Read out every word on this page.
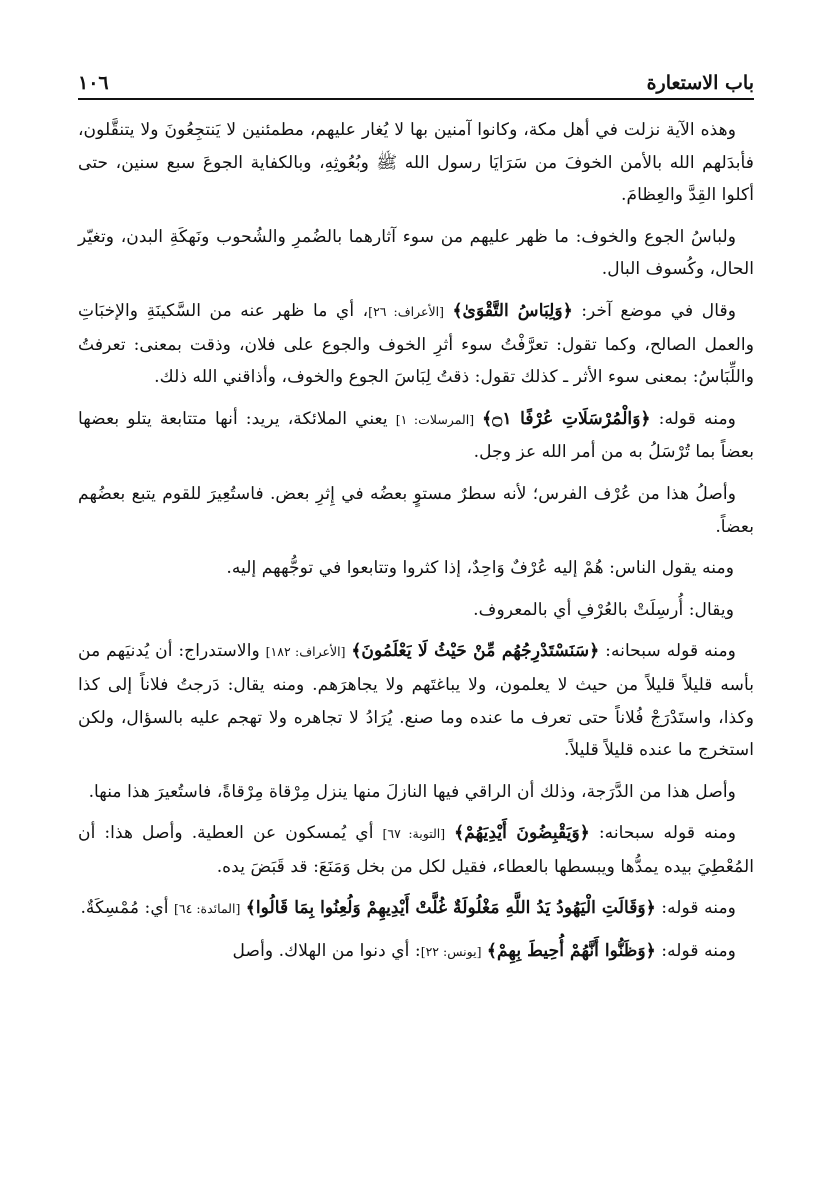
باب الاستعارة
١٠٦

وهذه الآية نزلت في أهل مكة، وكانوا آمنين بها لا يُغار عليهم، مطمئنين لا يَنتجِعُونَ ولا يتنقَّلون، فأبدَلهم الله بالأمن الخوفَ من سَرَايَا رسول الله ﷺ وبُعُوثِهِ، وبالكفاية الجوعَ سبع سنين، حتى أكلوا القِدَّ والعِظامَ.

ولباسُ الجوع والخوف: ما ظهر عليهم من سوء آثارهما بالضُمرِ والشُحوب ونَهكَةِ البدن، وتغيّر الحال، وكُسوف البال.

وقال في موضع آخر: ﴿وَلِبَاسُ التَّقْوَىٰ﴾ [الأعراف: ٢٦]، أي ما ظهر عنه من السَّكينَةِ والإخبَاتِ والعمل الصالح، وكما تقول: تعرَّفْتُ سوء أثرِ الخوف والجوع على فلان، وذقت بمعنى: تعرفتُ واللِّبَاسُ: بمعنى سوء الأثر ـ كذلك تقول: ذقتُ لِبَاسَ الجوع والخوف، وأذاقني الله ذلك.

ومنه قوله: ﴿وَالْمُرْسَلَاتِ عُرْفًا ۝١﴾ [المرسلات: ١] يعني الملائكة، يريد: أنها متتابعة يتلو بعضها بعضاً بما تُرْسَلُ به من أمر الله عز وجل.

وأصلُ هذا من عُرْف الفرس؛ لأنه سطرٌ مستوٍ بعضُه في إِثرِ بعض. فاستُعِيرَ للقوم يتبع بعضُهم بعضاً.

ومنه يقول الناس: هُمْ إليه عُرْفٌ وَاحِدٌ، إذا كثروا وتتابعوا في توجُّههم إليه.

ويقال: أُرسِلَتْ بالعُرْفِ أي بالمعروف.

ومنه قوله سبحانه: ﴿سَنَسْتَدْرِجُهُم مِّنْ حَيْثُ لَا يَعْلَمُونَ﴾ [الأعراف: ١٨٢] والاستدراج: أن يُدنيَهم من بأسه قليلاً قليلاً من حيث لا يعلمون، ولا يباغتَهم ولا يجاهرَهم. ومنه يقال: دَرجتُ فلاناً إلى كذا وكذا، واستَدْرَجْ فُلاناً حتى تعرف ما عنده وما صنع. يُرَادُ لا تجاهره ولا تهجم عليه بالسؤال، ولكن استخرج ما عنده قليلاً قليلاً.

وأصل هذا من الدَّرَجة، وذلك أن الراقي فيها النازلَ منها ينزل مِرْقاة مِرْقاةً، فاستُعيرَ هذا منها.

ومنه قوله سبحانه: ﴿وَيَقْبِضُونَ أَيْدِيَهُمْ﴾ [التوبة: ٦٧] أي يُمسكون عن العطية. وأصل هذا: أن المُعْطِيَ بيده يمدُّها ويبسطها بالعطاء، فقيل لكل من بخل وَمَنَعَ: قد قَبَضَ يده.

ومنه قوله: ﴿وَقَالَتِ الْيَهُودُ يَدُ اللَّهِ مَغْلُولَةٌ غُلَّتْ أَيْدِيهِمْ وَلُعِنُوا بِمَا قَالُوا﴾ [المائدة: ٦٤] أي: مُمْسِكَةٌ.

ومنه قوله: ﴿وَظَنُّوا أَنَّهُمْ أُحِيطَ بِهِمْ﴾ [يونس: ٢٢]: أي دنوا من الهلاك. وأصل
